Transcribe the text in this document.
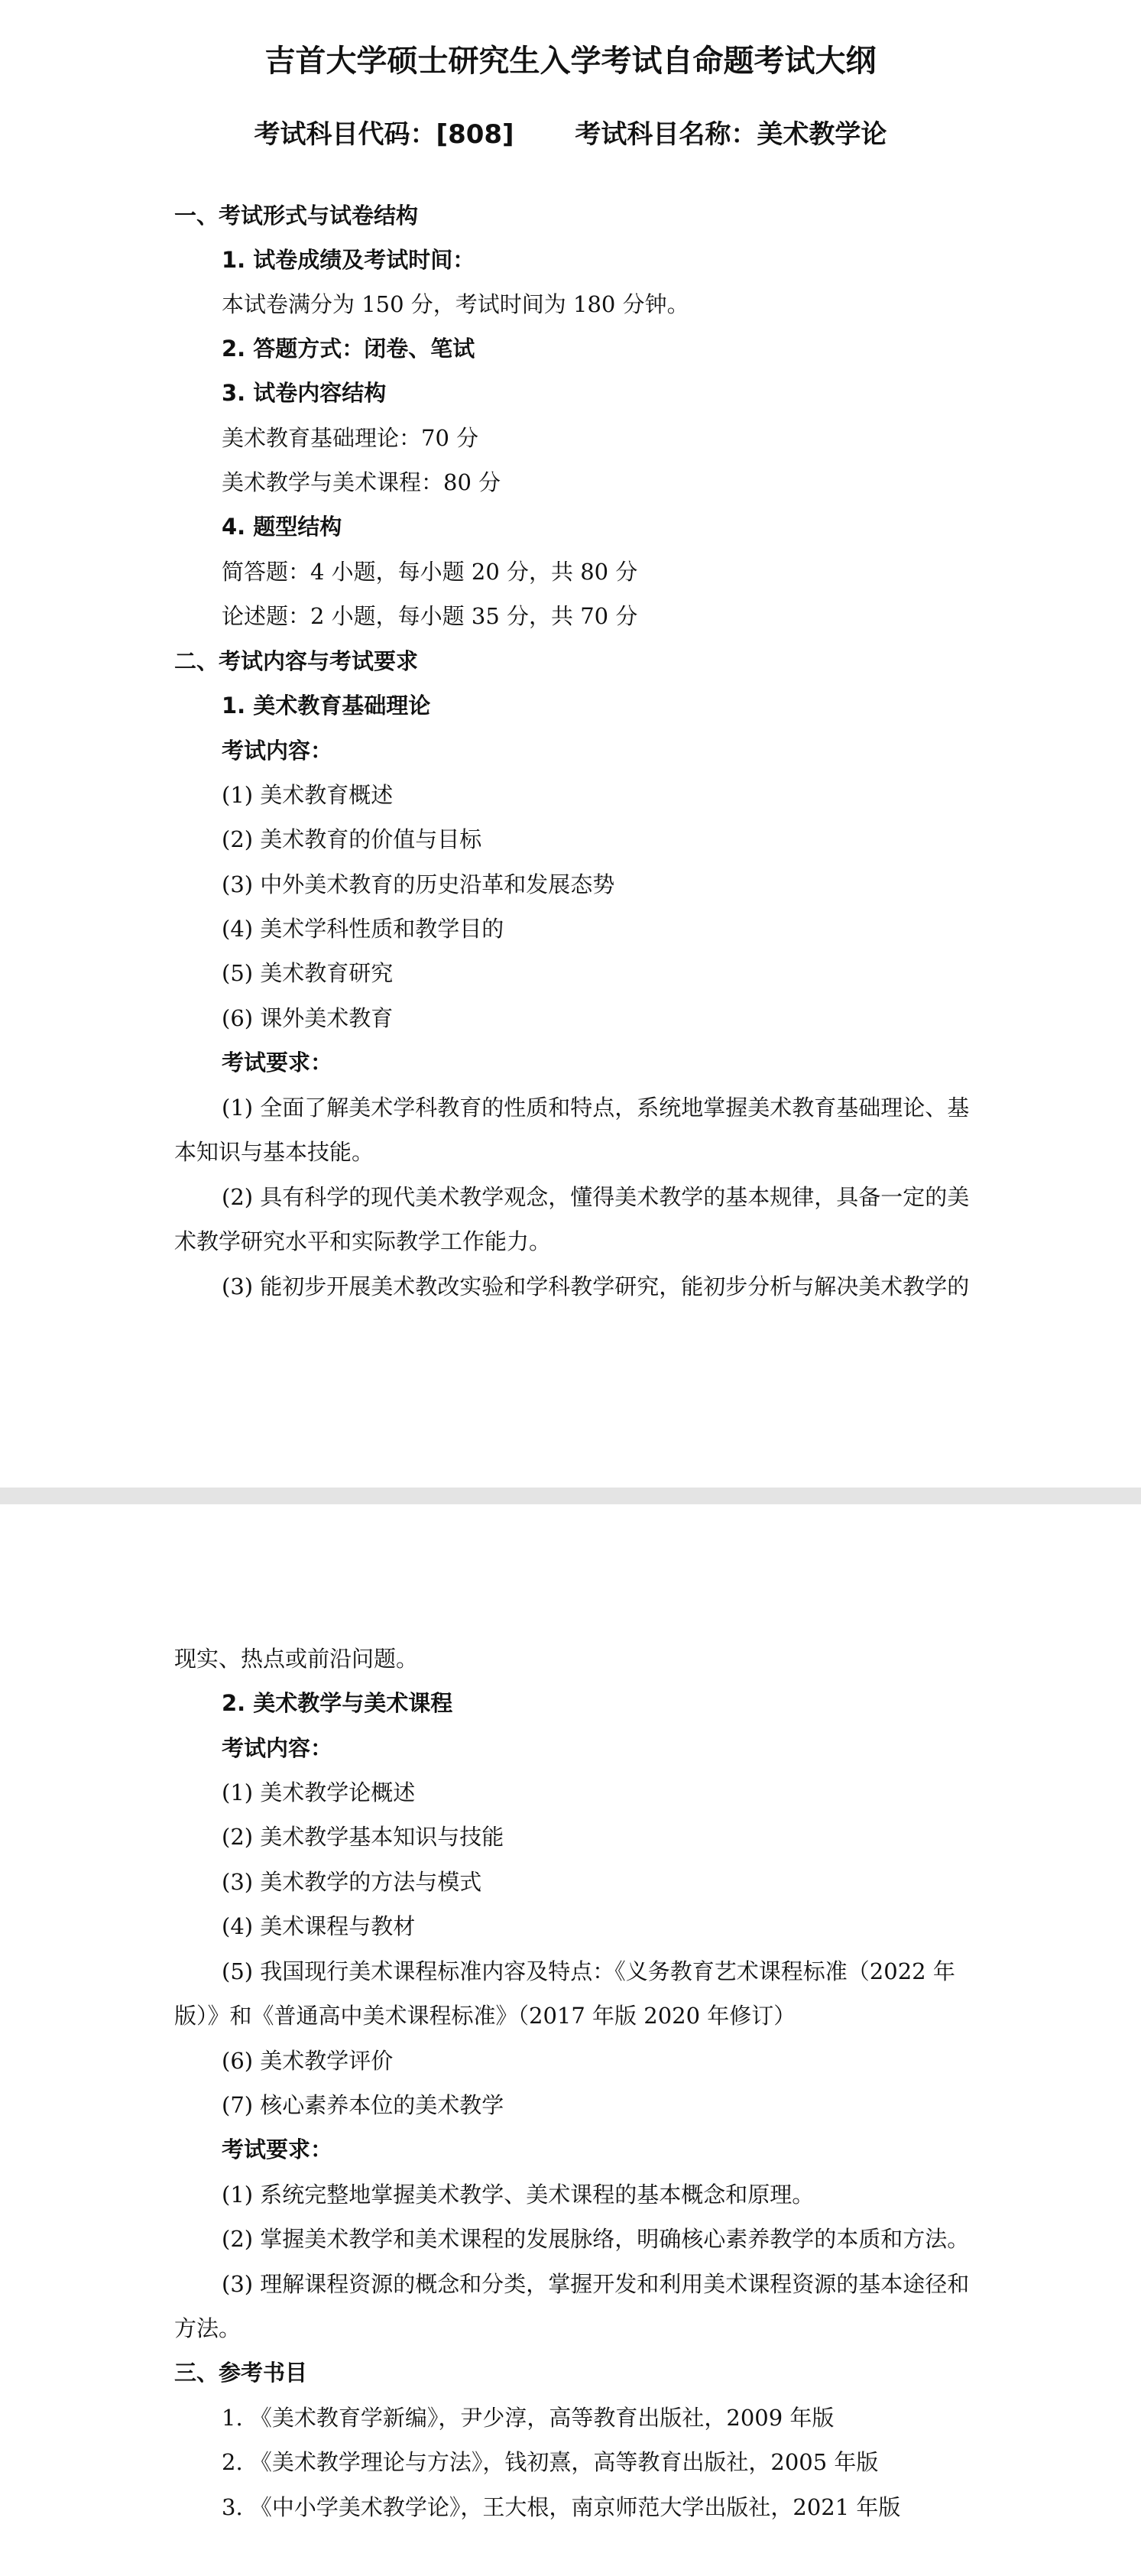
吉首大学硕士研究生入学考试自命题考试大纲
考试科目代码：[808]　　 考试科目名称：美术教学论
一、考试形式与试卷结构
1. 试卷成绩及考试时间：
本试卷满分为 150 分，考试时间为 180 分钟。
2. 答题方式：闭卷、笔试
3. 试卷内容结构
美术教育基础理论：70 分
美术教学与美术课程：80 分
4. 题型结构
简答题：4 小题，每小题 20 分，共 80 分
论述题：2 小题，每小题 35 分，共 70 分
二、考试内容与考试要求
1. 美术教育基础理论
考试内容：
(1) 美术教育概述
(2) 美术教育的价值与目标
(3) 中外美术教育的历史沿革和发展态势
(4) 美术学科性质和教学目的
(5) 美术教育研究
(6) 课外美术教育
考试要求：
(1) 全面了解美术学科教育的性质和特点，系统地掌握美术教育基础理论、基
本知识与基本技能。
(2) 具有科学的现代美术教学观念，懂得美术教学的基本规律，具备一定的美
术教学研究水平和实际教学工作能力。
(3) 能初步开展美术教改实验和学科教学研究，能初步分析与解决美术教学的
现实、热点或前沿问题。
2. 美术教学与美术课程
考试内容：
(1) 美术教学论概述
(2) 美术教学基本知识与技能
(3) 美术教学的方法与模式
(4) 美术课程与教材
(5) 我国现行美术课程标准内容及特点：《义务教育艺术课程标准（2022 年
版）》和《普通高中美术课程标准》（2017 年版 2020 年修订）
(6) 美术教学评价
(7) 核心素养本位的美术教学
考试要求：
(1) 系统完整地掌握美术教学、美术课程的基本概念和原理。
(2) 掌握美术教学和美术课程的发展脉络，明确核心素养教学的本质和方法。
(3) 理解课程资源的概念和分类，掌握开发和利用美术课程资源的基本途径和
方法。
三、参考书目
1. 《美术教育学新编》，尹少淳，高等教育出版社，2009 年版
2. 《美术教学理论与方法》，钱初熹，高等教育出版社，2005 年版
3. 《中小学美术教学论》，王大根，南京师范大学出版社，2021 年版
